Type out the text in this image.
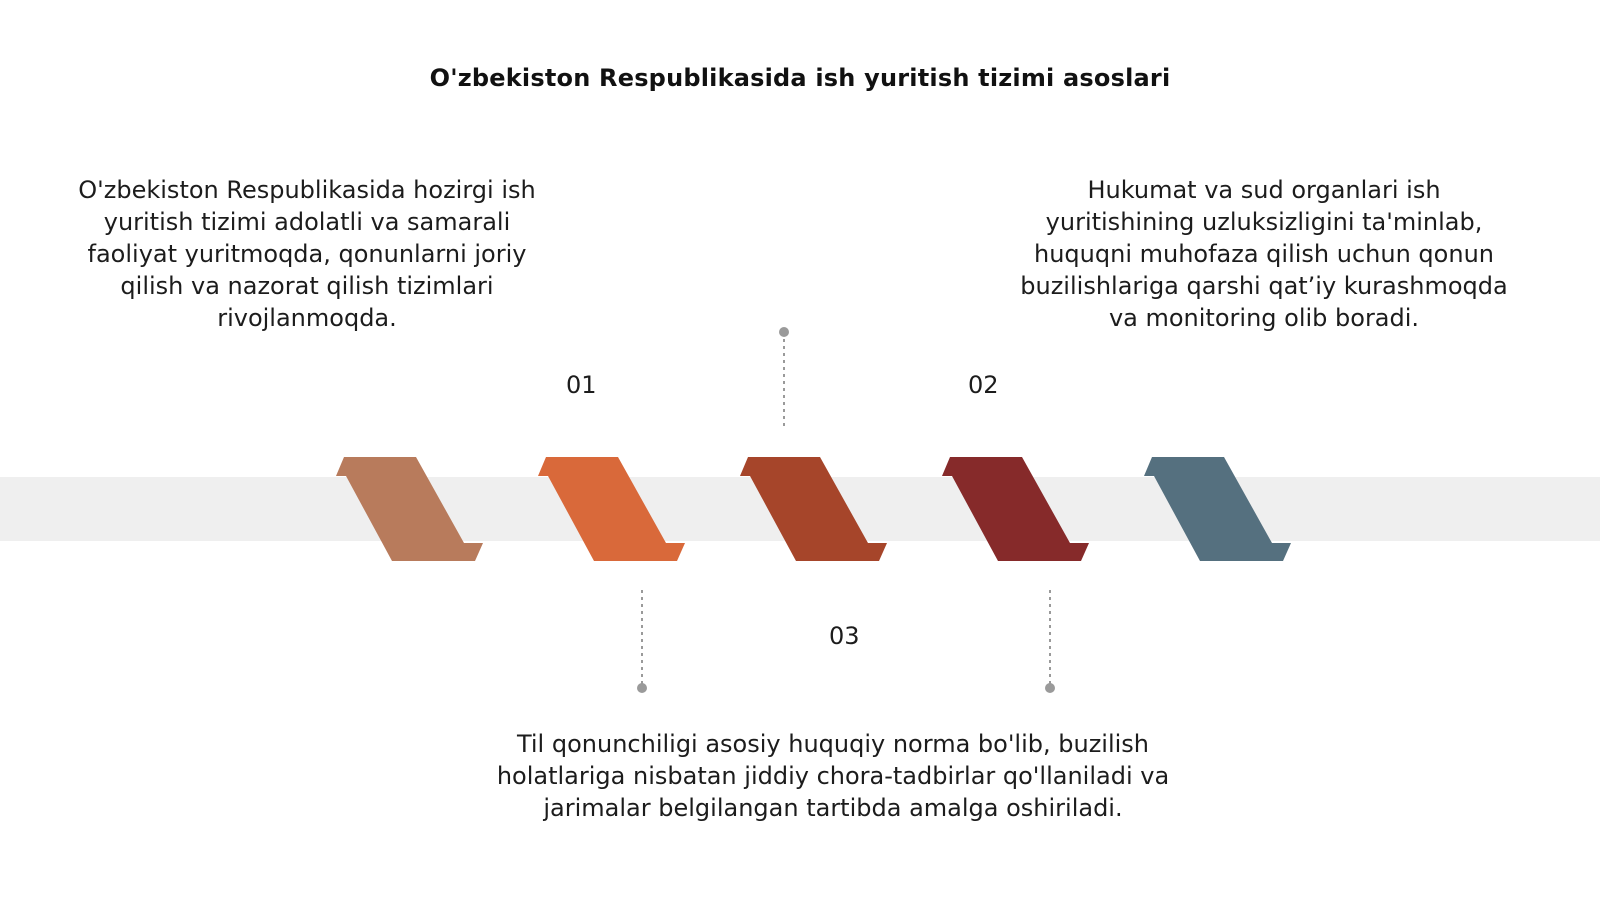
O'zbekiston Respublikasida ish yuritish tizimi asoslari
O'zbekiston Respublikasida hozirgi ish yuritish tizimi adolatli va samarali faoliyat yuritmoqda, qonunlarni joriy qilish va nazorat qilish tizimlari rivojlanmoqda.
Hukumat va sud organlari ish yuritishining uzluksizligini ta'minlab, huquqni muhofaza qilish uchun qonun buzilishlariga qarshi qat’iy kurashmoqda va monitoring olib boradi.
Til qonunchiligi asosiy huquqiy norma bo'lib, buzilish holatlariga nisbatan jiddiy chora-tadbirlar qo'llaniladi va jarimalar belgilangan tartibda amalga oshiriladi.
01	02
03
